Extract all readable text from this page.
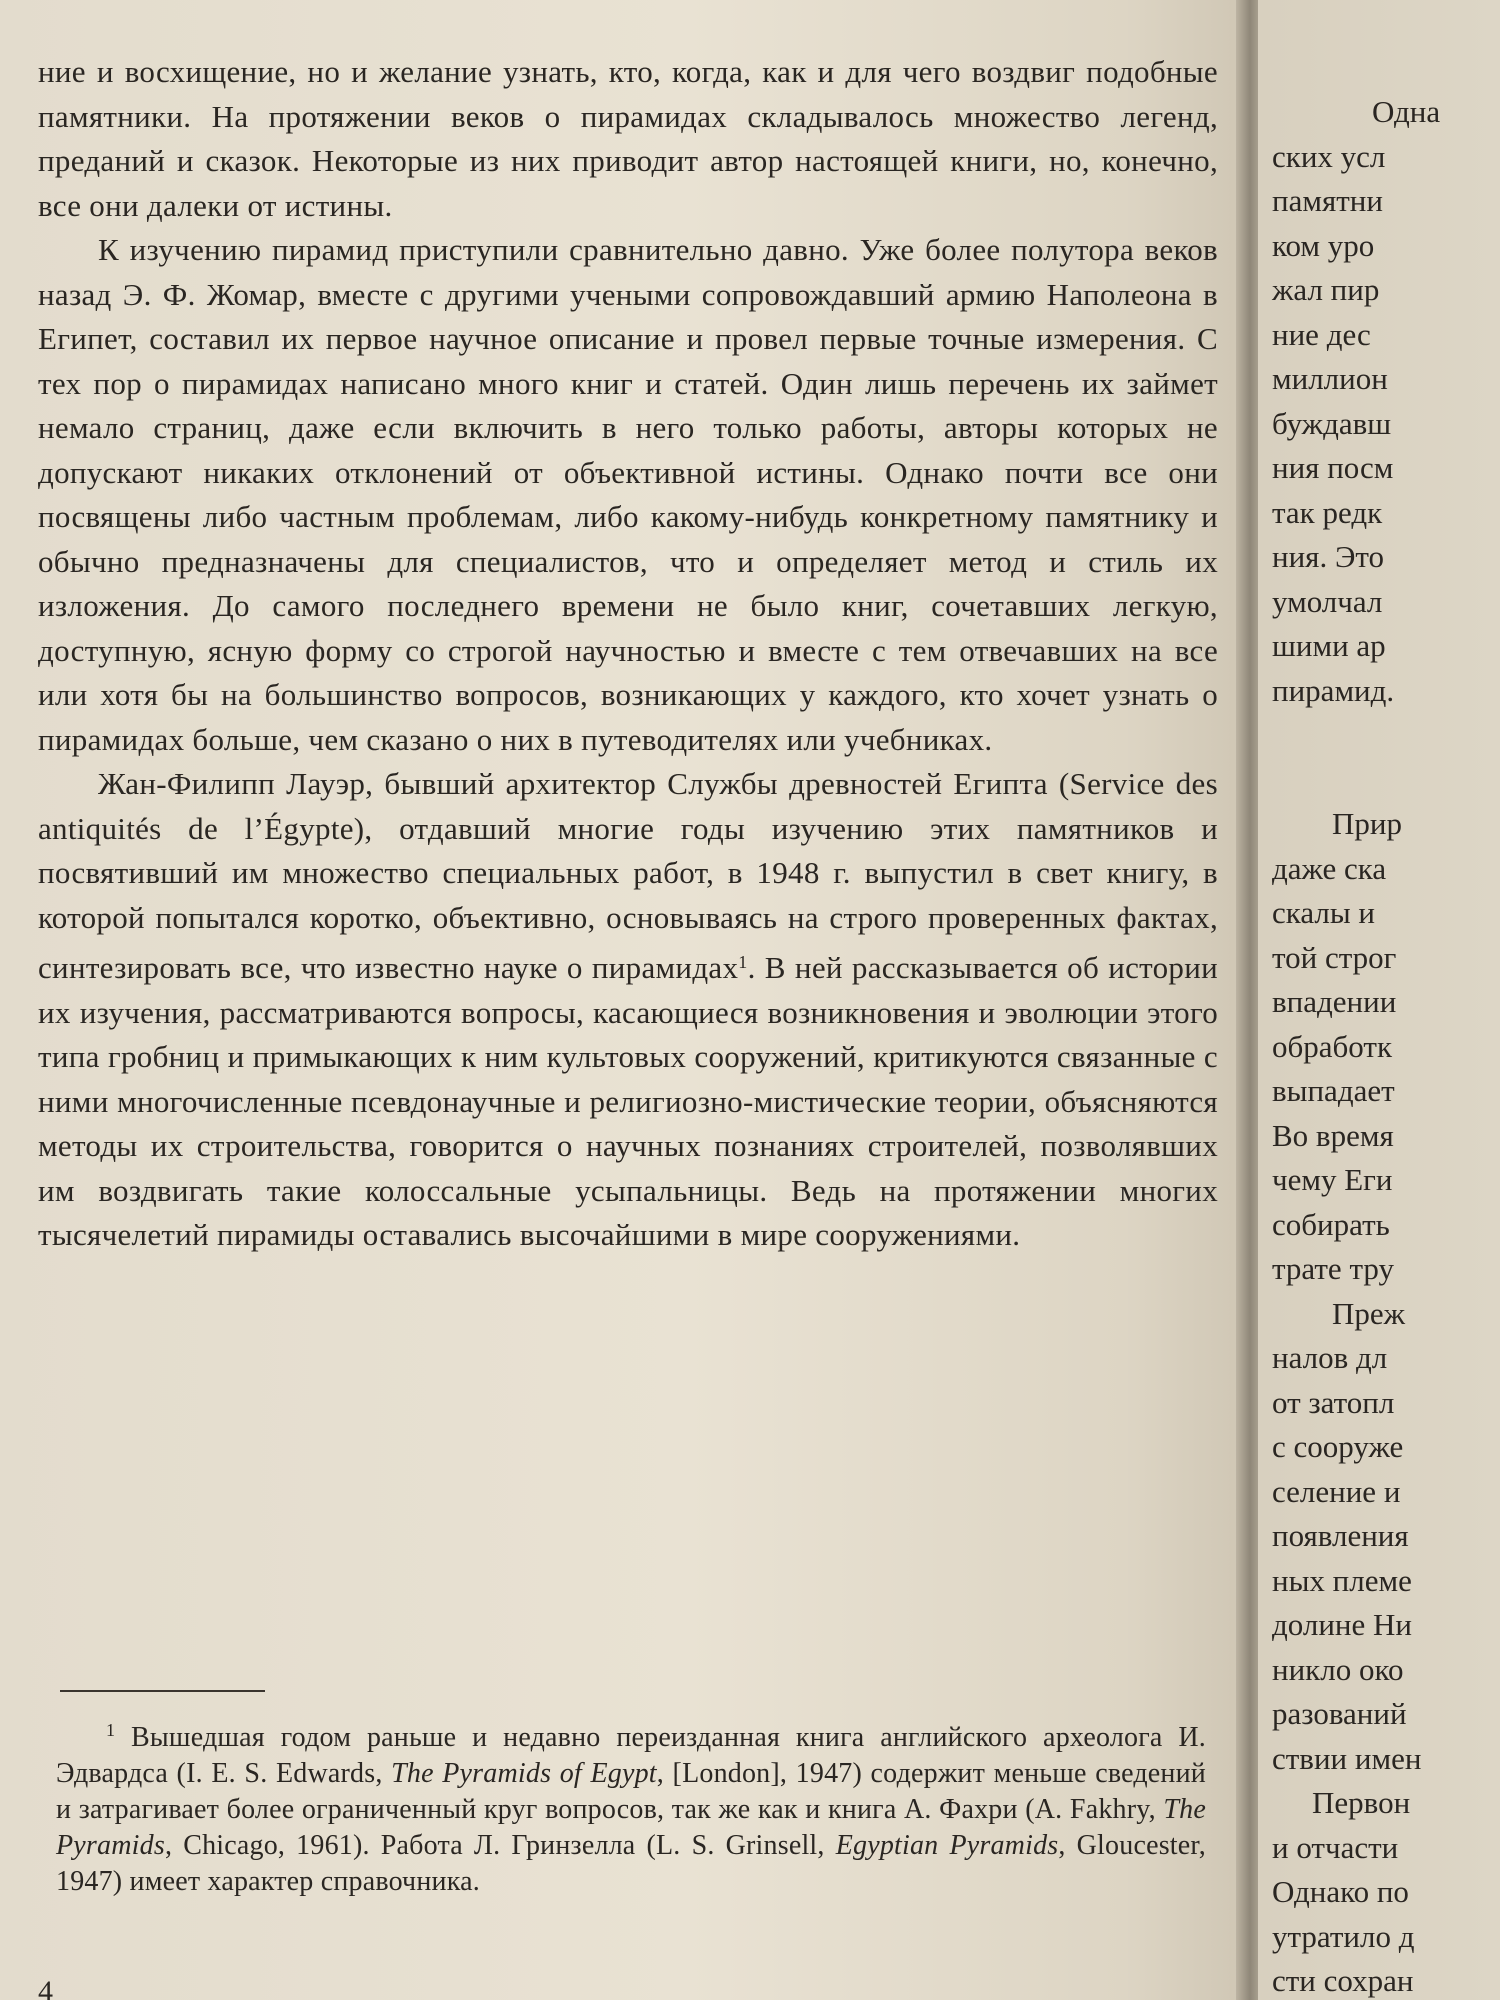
ние и восхищение, но и желание узнать, кто, когда, как и для чего воздвиг подобные памятники. На протяжении веков о пирамидах складывалось множество легенд, преданий и сказок. Некоторые из них приводит автор настоящей книги, но, конечно, все они далеки от истины.

К изучению пирамид приступили сравнительно давно. Уже более полутора веков назад Э. Ф. Жомар, вместе с другими учеными сопровождавший армию Наполеона в Египет, составил их первое научное описание и провел первые точные измерения. С тех пор о пирамидах написано много книг и статей. Один лишь перечень их займет немало страниц, даже если включить в него только работы, авторы которых не допускают никаких отклонений от объективной истины. Однако почти все они посвящены либо частным проблемам, либо какому-нибудь конкретному памятнику и обычно предназначены для специалистов, что и определяет метод и стиль их изложения. До самого последнего времени не было книг, сочетавших легкую, доступную, ясную форму со строгой научностью и вместе с тем отвечавших на все или хотя бы на большинство вопросов, возникающих у каждого, кто хочет узнать о пирамидах больше, чем сказано о них в путеводителях или учебниках.

Жан-Филипп Лауэр, бывший архитектор Службы древностей Египта (Service des antiquités de l’Égypte), отдавший многие годы изучению этих памятников и посвятивший им множество специальных работ, в 1948 г. выпустил в свет книгу, в которой попытался коротко, объективно, основываясь на строго проверенных фактах, синтезировать все, что известно науке о пирамидах$^1$. В ней рассказывается об истории их изучения, рассматриваются вопросы, касающиеся возникновения и эволюции этого типа гробниц и примыкающих к ним культовых сооружений, критикуются связанные с ними многочисленные псевдонаучные и религиозно-мистические теории, объясняются методы их строительства, говорится о научных познаниях строителей, позволявших им воздвигать такие колоссальные усыпальницы. Ведь на протяжении многих тысячелетий пирамиды оставались высочайшими в мире сооружениями.

$^1$ Вышедшая годом раньше и недавно переизданная книга английского археолога И. Эдвардса (I. E. S. Edwards, The Pyramids of Egypt, [London], 1947) содержит меньше сведений и затрагивает более ограниченный круг вопросов, так же как и книга А. Фахри (A. Fakhry, The Pyramids, Chicago, 1961). Работа Л. Гринзелла (L. S. Grinsell, Egyptian Pyramids, Gloucester, 1947) имеет характер справочника.

4
Одна
ских усл
памятни
ком уро
жал пир
ние дес
миллион
буждавш
ния посм
так редк
ния. Это
умолчал
шими ар
пирамид.
Прир
даже ска
скалы и
той строг
впадении
обработк
выпадает
Во время
чему Еги
собирать
трате тру
Преж
налов дл
от затопл
с сооруже
селение и
появления
ных племе
долине Ни
никло око
разований
ствии имен
Первон
и отчасти
Однако по
утратило д
сти сохран
